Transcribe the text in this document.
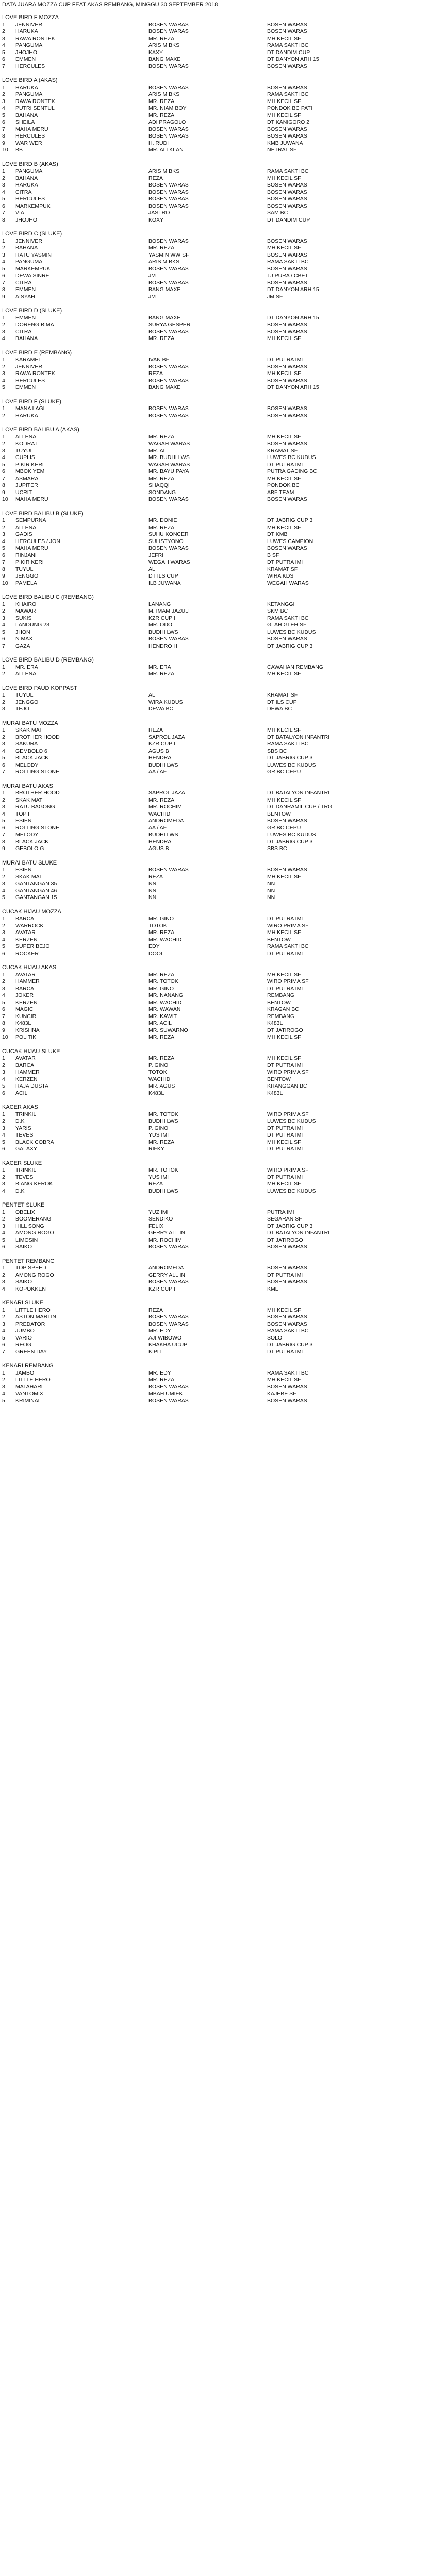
DATA JUARA MOZZA CUP FEAT AKAS REMBANG, MINGGU 30 SEPTEMBER 2018
LOVE BIRD F MOZZA
1	JENNIVER	BOSEN WARAS	BOSEN WARAS
2	HARUKA	BOSEN WARAS	BOSEN WARAS
3	RAWA RONTEK	MR. REZA	MH KECIL SF
4	PANGUMA	ARIS M BKS	RAMA SAKTI BC
5	JHOJHO	KAXY	DT DANDIM CUP
6	EMMEN	BANG MAXE	DT DANYON ARH 15
7	HERCULES	BOSEN WARAS	BOSEN WARAS
LOVE BIRD A (AKAS)
1	HARUKA	BOSEN WARAS	BOSEN WARAS
2	PANGUMA	ARIS M BKS	RAMA SAKTI BC
3	RAWA RONTEK	MR. REZA	MH KECIL SF
4	PUTRI SENTUL	MR. NIAM BOY	PONDOK BC PATI
5	BAHANA	MR. REZA	MH KECIL SF
6	SHEILA	ADI PRAGOLO	DT KANIGORO 2
7	MAHA MERU	BOSEN WARAS	BOSEN WARAS
8	HERCULES	BOSEN WARAS	BOSEN WARAS
9	WAR WER	H. RUDI	KMB JUWANA
10	BB	MR. ALI KLAN	NETRAL SF
LOVE BIRD B (AKAS)
1	PANGUMA	ARIS M BKS	RAMA SAKTI BC
2	BAHANA	REZA	MH KECIL SF
3	HARUKA	BOSEN WARAS	BOSEN WARAS
4	CITRA	BOSEN WARAS	BOSEN WARAS
5	HERCULES	BOSEN WARAS	BOSEN WARAS
6	MARKEMPUK	BOSEN WARAS	BOSEN WARAS
7	VIA	JASTRO	SAM BC
8	JHOJHO	KOXY	DT DANDIM CUP
LOVE BIRD C (SLUKE)
1	JENNIVER	BOSEN WARAS	BOSEN WARAS
2	BAHANA	MR. REZA	MH KECIL SF
3	RATU YASMIN	YASMIN WW SF	BOSEN WARAS
4	PANGUMA	ARIS M BKS	RAMA SAKTI BC
5	MARKEMPUK	BOSEN WARAS	BOSEN WARAS
6	DEWA SINRE	JM	TJ PURA / CBET
7	CITRA	BOSEN WARAS	BOSEN WARAS
8	EMMEN	BANG MAXE	DT DANYON ARH 15
9	AISYAH	JM	JM SF
LOVE BIRD D (SLUKE)
1	EMMEN	BANG MAXE	DT DANYON ARH 15
2	DORENG BIMA	SURYA GESPER	BOSEN WARAS
3	CITRA	BOSEN WARAS	BOSEN WARAS
4	BAHANA	MR. REZA	MH KECIL SF
LOVE BIRD E (REMBANG)
1	KARAMEL	IVAN BF	DT PUTRA IMI
2	JENNIVER	BOSEN WARAS	BOSEN WARAS
3	RAWA RONTEK	REZA	MH KECIL SF
4	HERCULES	BOSEN WARAS	BOSEN WARAS
5	EMMEN	BANG MAXE	DT DANYON ARH 15
LOVE BIRD F (SLUKE)
1	MANA LAGI	BOSEN WARAS	BOSEN WARAS
2	HARUKA	BOSEN WARAS	BOSEN WARAS
LOVE BIRD BALIBU A (AKAS)
1	ALLENA	MR. REZA	MH KECIL SF
2	KODRAT	WAGAH WARAS	BOSEN WARAS
3	TUYUL	MR. AL	KRAMAT SF
4	CUPLIS	MR. BUDHI LWS	LUWES BC KUDUS
5	PIKIR KERI	WAGAH WARAS	DT PUTRA IMI
6	MBOK YEM	MR. BAYU PAYA	PUTRA GADING BC
7	ASMARA	MR. REZA	MH KECIL SF
8	JUPITER	SHAQQI	PONDOK BC
9	UCRIT	SONDANG	ABF TEAM
10	MAHA MERU	BOSEN WARAS	BOSEN WARAS
LOVE BIRD BALIBU B (SLUKE)
1	SEMPURNA	MR. DONIE	DT JABRIG CUP 3
2	ALLENA	MR. REZA	MH KECIL SF
3	GADIS	SUHU KONCER	DT KMB
4	HERCULES / JON	SULISTYONO	LUWES CAMPION
5	MAHA MERU	BOSEN WARAS	BOSEN WARAS
6	RINJANI	JEFRI	B SF
7	PIKIR KERI	WEGAH WARAS	DT PUTRA IMI
8	TUYUL	AL	KRAMAT SF
9	JENGGO	DT ILS CUP	WIRA KDS
10	PAMELA	ILB JUWANA	WEGAH WARAS
LOVE BIRD BALIBU C (REMBANG)
1	KHAIRO	LANANG	KETANGGI
2	MAWAR	M. IMAM JAZULI	SKM BC
3	SUKIS	KZR CUP I	RAMA SAKTI BC
4	LANDUNG 23	MR. ODO	GLAH GLEH SF
5	JHON	BUDHI LWS	LUWES BC KUDUS
6	N MAX	BOSEN WARAS	BOSEN WARAS
7	GAZA	HENDRO H	DT JABRIG CUP 3
LOVE BIRD BALIBU D (REMBANG)
1	MR. ERA	MR. ERA	CAWAHAN REMBANG
2	ALLENA	MR. REZA	MH KECIL SF
LOVE BIRD PAUD KOPPAST
1	TUYUL	AL	KRAMAT SF
2	JENGGO	WIRA KUDUS	DT ILS CUP
3	TEJO	DEWA BC	DEWA BC
MURAI BATU MOZZA
1	SKAK MAT	REZA	MH KECIL SF
2	BROTHER HOOD	SAPROL JAZA	DT BATALYON INFANTRI
3	SAKURA	KZR CUP I	RAMA SAKTI BC
4	GEMBOLO 6	AGUS B	SBS BC
5	BLACK JACK	HENDRA	DT JABRIG CUP 3
6	MELODY	BUDHI LWS	LUWES BC KUDUS
7	ROLLING STONE	AA / AF	GR BC CEPU
MURAI BATU AKAS
1	BROTHER HOOD	SAPROL JAZA	DT BATALYON INFANTRI
2	SKAK MAT	MR. REZA	MH KECIL SF
3	RATU BAGONG	MR. ROCHIM	DT DANRAMIL CUP / TRG
4	TOP I	WACHID	BENTOW
5	ESIEN	ANDROMEDA	BOSEN WARAS
6	ROLLING STONE	AA / AF	GR BC CEPU
7	MELODY	BUDHI LWS	LUWES BC KUDUS
8	BLACK JACK	HENDRA	DT JABRIG CUP 3
9	GEBOLO G	AGUS B	SBS BC
MURAI BATU SLUKE
1	ESIEN	BOSEN WARAS	BOSEN WARAS
2	SKAK MAT	REZA	MH KECIL SF
3	GANTANGAN 35	NN	NN
4	GANTANGAN 46	NN	NN
5	GANTANGAN 15	NN	NN
CUCAK HIJAU MOZZA
1	BARCA	MR. GINO	DT PUTRA IMI
2	WARROCK	TOTOK	WIRO PRIMA SF
3	AVATAR	MR. REZA	MH KECIL SF
4	KERZEN	MR. WACHID	BENTOW
5	SUPER BEJO	EDY	RAMA SAKTI BC
6	ROCKER	DOOI	DT PUTRA IMI
CUCAK HIJAU AKAS
1	AVATAR	MR. REZA	MH KECIL SF
2	HAMMER	MR. TOTOK	WIRO PRIMA SF
3	BARCA	MR. GINO	DT PUTRA IMI
4	JOKER	MR. NANANG	REMBANG
5	KERZEN	MR. WACHID	BENTOW
6	MAGIC	MR. WAWAN	KRAGAN BC
7	KUNCIR	MR. KAWIT	REMBANG
8	K483L	MR. ACIL	K483L
9	KRISHNA	MR. SUWARNO	DT JATIROGO
10	POLITIK	MR. REZA	MH KECIL SF
CUCAK HIJAU SLUKE
1	AVATAR	MR. REZA	MH KECIL SF
2	BARCA	P. GINO	DT PUTRA IMI
3	HAMMER	TOTOK	WIRO PRIMA SF
4	KERZEN	WACHID	BENTOW
5	RAJA DUSTA	MR. AGUS	KRANGGAN BC
6	ACIL	K483L	K483L
KACER AKAS
1	TRINKIL	MR. TOTOK	WIRO PRIMA SF
2	D.K	BUDHI LWS	LUWES BC KUDUS
3	YARIS	P. GINO	DT PUTRA IMI
4	TEVES	YUS IMI	DT PUTRA IMI
5	BLACK COBRA	MR. REZA	MH KECIL SF
6	GALAXY	RIFKY	DT PUTRA IMI
KACER SLUKE
1	TRINKIL	MR. TOTOK	WIRO PRIMA SF
2	TEVES	YUS IMI	DT PUTRA IMI
3	BIANG KEROK	REZA	MH KECIL SF
4	D.K	BUDHI LWS	LUWES BC KUDUS
PENTET SLUKE
1	OBELIX	YUZ IMI	PUTRA IMI
2	BOOMERANG	SENDIKO	SEGARAN SF
3	HILL SONG	FELIX	DT JABRIG CUP 3
4	AMONG ROGO	GERRY ALL IN	DT BATALYON INFANTRI
5	LIMOSIN	MR. ROCHIM	DT JATIROGO
6	SAIKO	BOSEN WARAS	BOSEN WARAS
PENTET REMBANG
1	TOP SPEED	ANDROMEDA	BOSEN WARAS
2	AMONG ROGO	GERRY ALL IN	DT PUTRA IMI
3	SAIKO	BOSEN WARAS	BOSEN WARAS
4	KOPOKKEN	KZR CUP I	KML
KENARI SLUKE
1	LITTLE HERO	REZA	MH KECIL SF
2	ASTON MARTIN	BOSEN WARAS	BOSEN WARAS
3	PREDATOR	BOSEN WARAS	BOSEN WARAS
4	JUMBO	MR. EDY	RAMA SAKTI BC
5	VARIO	AJI WIBOWO	SOLO
6	REOG	KHAKHA UCUP	DT JABRIG CUP 3
7	GREEN DAY	KIPLI	DT PUTRA IMI
KENARI REMBANG
1	JAMBO	MR. EDY	RAMA SAKTI BC
2	LITTLE HERO	MR. REZA	MH KECIL SF
3	MATAHARI	BOSEN WARAS	BOSEN WARAS
4	VANTOMIX	MBAH UMIEK	KAJEBE SF
5	KRIMINAL	BOSEN WARAS	BOSEN WARAS
